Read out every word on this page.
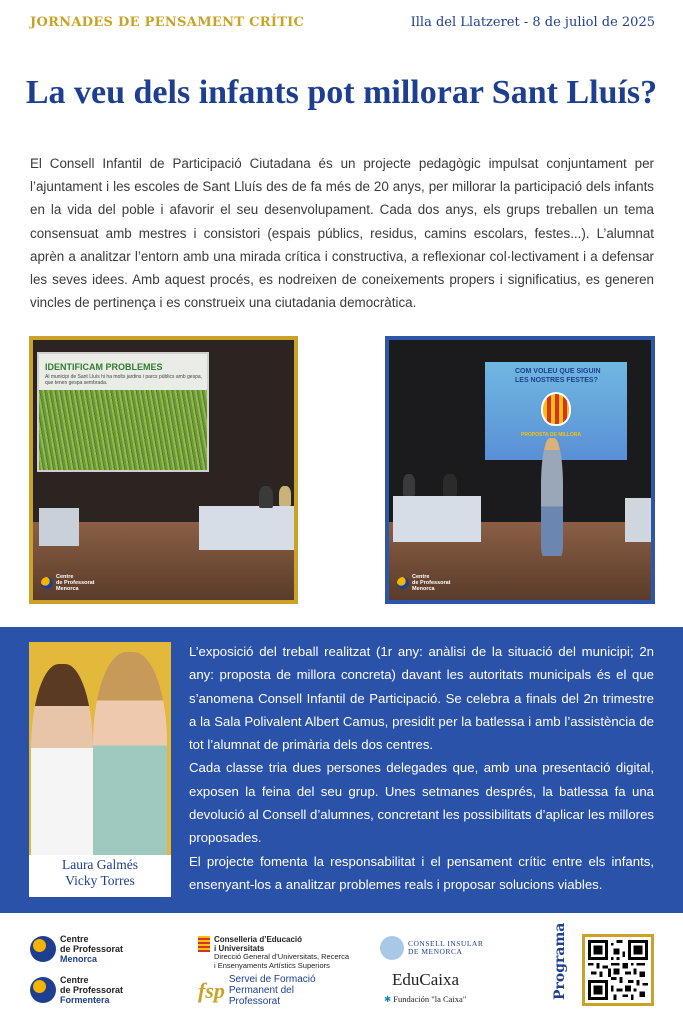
JORNADES DE PENSAMENT CRÍTIC	Illa del Llatzeret - 8 de juliol de 2025
La veu dels infants pot millorar Sant Lluís?

El Consell Infantil de Participació Ciutadana és un projecte pedagògic impulsat conjuntament per l’ajuntament i les escoles de Sant Lluís des de fa més de 20 anys, per millorar la participació dels infants en la vida del poble i afavorir el seu desenvolupament. Cada dos anys, els grups treballen un tema consensuat amb mestres i consistori (espais públics, residus, camins escolars, festes...). L’alumnat aprèn a analitzar l’entorn amb una mirada crítica i constructiva, a reflexionar col·lectivament i a defensar les seves idees. Amb aquest procés, es nodreixen de coneixements propers i significatius, es generen vincles de pertinença i es construeix una ciutadania democràtica.

IDENTIFICAM PROBLEMES
Al municipi de Sant Lluís hi ha molts jardins i parcs públics amb gespa, que tenen gespa sembrada.
Centre
de Professorat
Menorca
COM VOLEU QUE SIGUIN
LES NOSTRES FESTES?
PROPOSTA DE MILLORA
Centre
de Professorat
Menorca
Laura Galmés
Vicky Torres

L’exposició del treball realitzat (1r any: anàlisi de la situació del municipi; 2n any: proposta de millora concreta) davant les autoritats municipals és el que s’anomena Consell Infantil de Participació. Se celebra a finals del 2n trimestre a la Sala Polivalent Albert Camus, presidit per la batlessa i amb l’assistència de tot l’alumnat de primària dels dos centres.

Cada classe tria dues persones delegades que, amb una presentació digital, exposen la feina del seu grup. Unes setmanes després, la batlessa fa una devolució al Consell d’alumnes, concretant les possibilitats d’aplicar les millores proposades.

El projecte fomenta la responsabilitat i el pensament crític entre els infants, ensenyant-los a analitzar problemes reals i proposar solucions viables.

Centre
de Professorat
Menorca
Centre
de Professorat
Formentera
Conselleria d’Educació
i Universitats
Direcció General d’Universitats, Recerca
i Ensenyaments Artístics Superiors
fsp Servei de Formació
Permanent del
Professorat
CONSELL INSULAR
DE MENORCA
EduCaixa
✱ Fundación "la Caixa"	Programa
